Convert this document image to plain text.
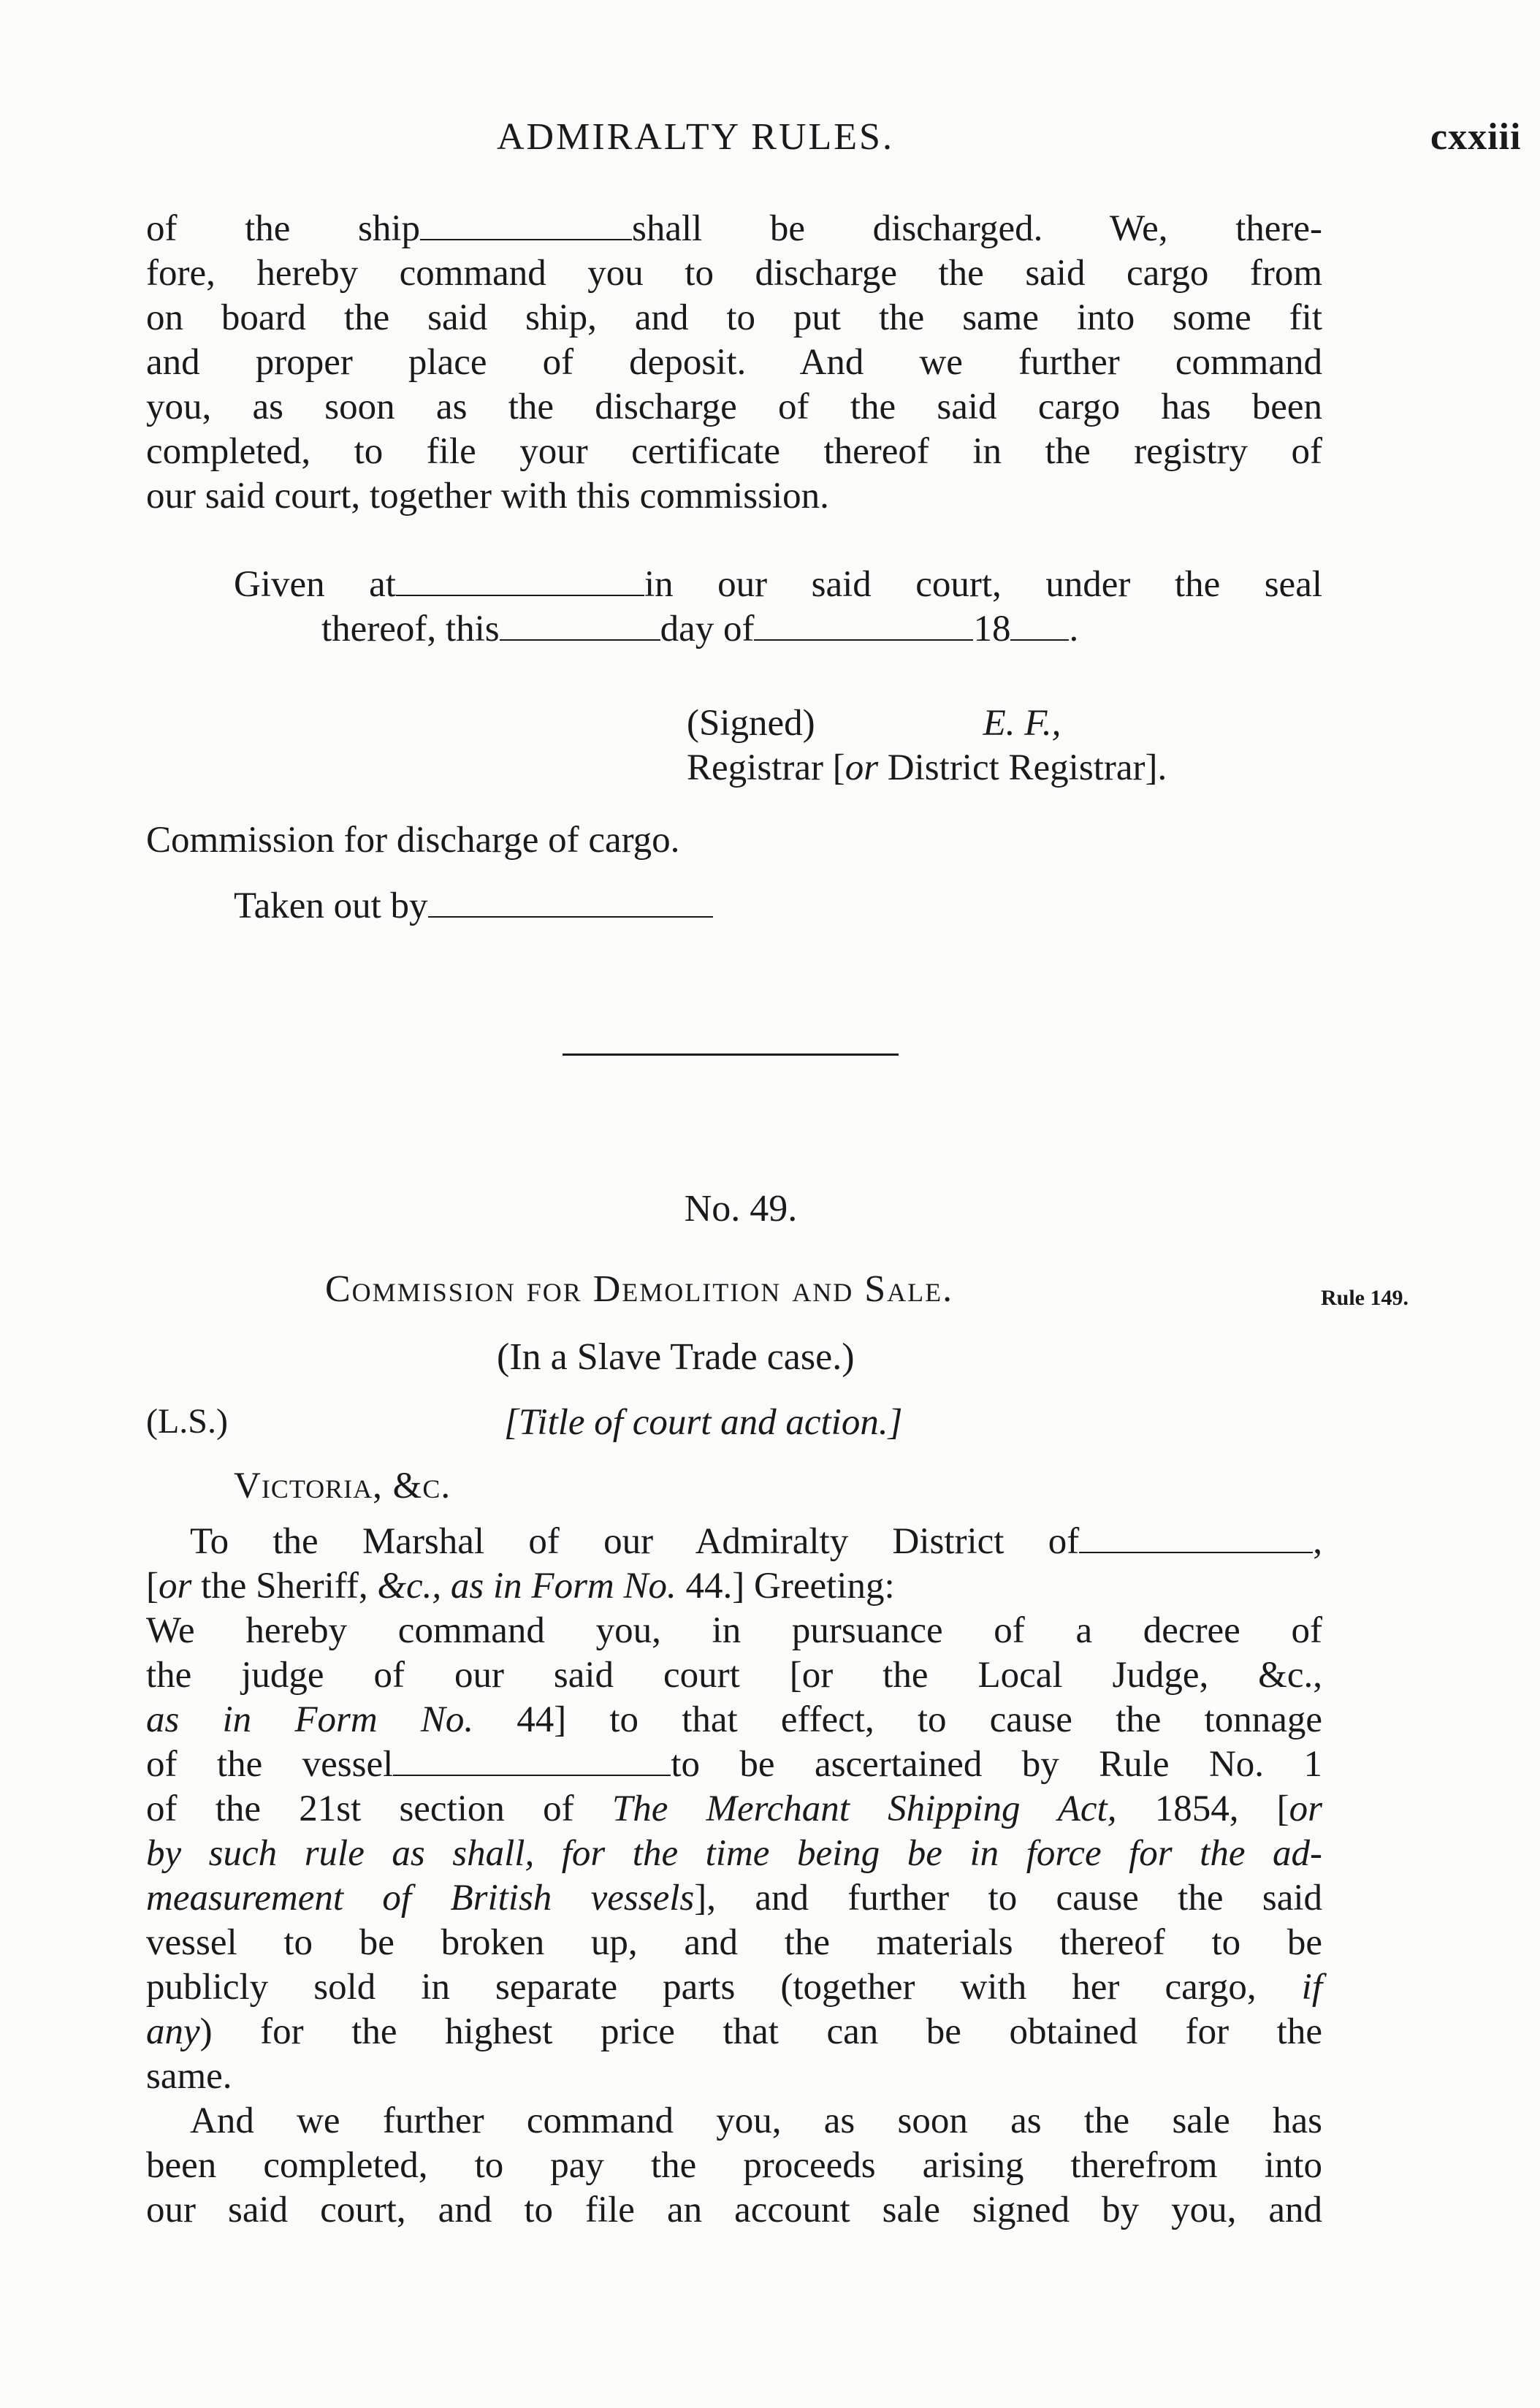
ADMIRALTY RULES.	cxxiii
of the ship	shall be discharged. We, there-
fore, hereby command you to discharge the said cargo from
on board the said ship, and to put the same into some fit
and proper place of deposit. And we further command
you, as soon as the discharge of the said cargo has been
completed, to file your certificate thereof in the registry of
our said court, together with this commission.
Given at	in our said court, under the seal
thereof, this	day of	18 .
(Signed)	E. F.,
Registrar [or District Registrar].
Commission for discharge of cargo.
Taken out by
No. 49.
Commission for Demolition and Sale.	Rule 149.
(In a Slave Trade case.)
(L.S.)	[Title of court and action.]
Victoria, &c.
To the Marshal of our Admiralty District of	,
[or the Sheriff, &c., as in Form No. 44.] Greeting:
We hereby command you, in pursuance of a decree of
the judge of our said court [or the Local Judge, &c.,
as in Form No. 44] to that effect, to cause the tonnage
of the vessel	to be ascertained by Rule No. 1
of the 21st section of The Merchant Shipping Act, 1854, [or
by such rule as shall, for the time being be in force for the ad-
measurement of British vessels], and further to cause the said
vessel to be broken up, and the materials thereof to be
publicly sold in separate parts (together with her cargo, if
any) for the highest price that can be obtained for the
same.
And we further command you, as soon as the sale has
been completed, to pay the proceeds arising therefrom into
our said court, and to file an account sale signed by you, and
